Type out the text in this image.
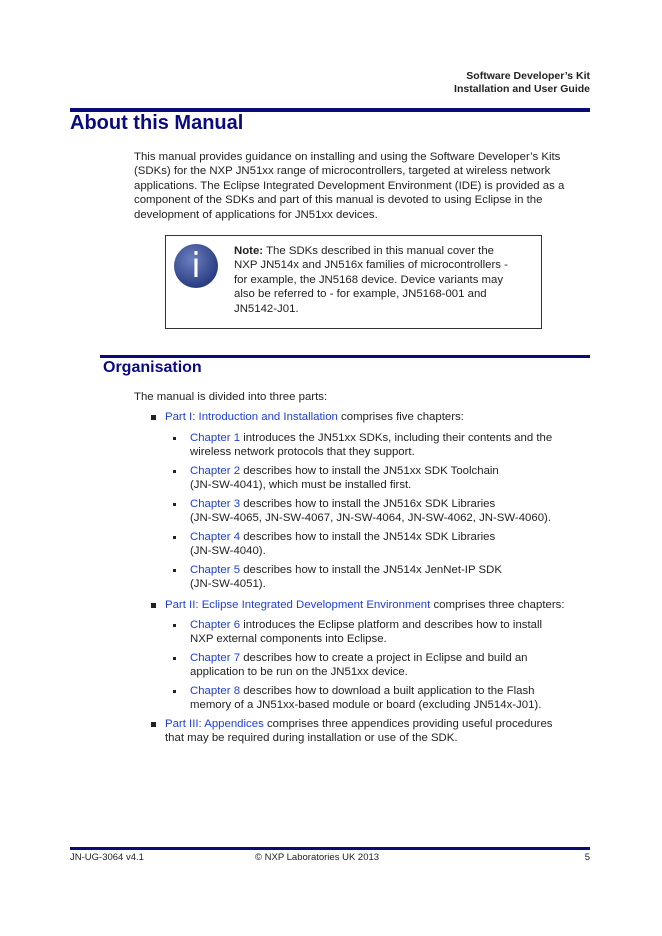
Software Developer’s Kit
Installation and User Guide
About this Manual
This manual provides guidance on installing and using the Software Developer’s Kits
(SDKs) for the NXP JN51xx range of microcontrollers, targeted at wireless network
applications. The Eclipse Integrated Development Environment (IDE) is provided as a
component of the SDKs and part of this manual is devoted to using Eclipse in the
development of applications for JN51xx devices.
i	Note: The SDKs described in this manual cover the
NXP JN514x and JN516x families of microcontrollers -
for example, the JN5168 device. Device variants may
also be referred to - for example, JN5168-001 and
JN5142-J01.
Organisation
The manual is divided into three parts:
Part I: Introduction and Installation comprises five chapters:
Chapter 1 introduces the JN51xx SDKs, including their contents and the
wireless network protocols that they support.
Chapter 2 describes how to install the JN51xx SDK Toolchain
(JN-SW-4041), which must be installed first.
Chapter 3 describes how to install the JN516x SDK Libraries
(JN-SW-4065, JN-SW-4067, JN-SW-4064, JN-SW-4062, JN-SW-4060).
Chapter 4 describes how to install the JN514x SDK Libraries
(JN-SW-4040).
Chapter 5 describes how to install the JN514x JenNet-IP SDK
(JN-SW-4051).
Part II: Eclipse Integrated Development Environment comprises three chapters:
Chapter 6 introduces the Eclipse platform and describes how to install
NXP external components into Eclipse.
Chapter 7 describes how to create a project in Eclipse and build an
application to be run on the JN51xx device.
Chapter 8 describes how to download a built application to the Flash
memory of a JN51xx-based module or board (excluding JN514x-J01).
Part III: Appendices comprises three appendices providing useful procedures
that may be required during installation or use of the SDK.
JN-UG-3064 v4.1	© NXP Laboratories UK 2013	5
